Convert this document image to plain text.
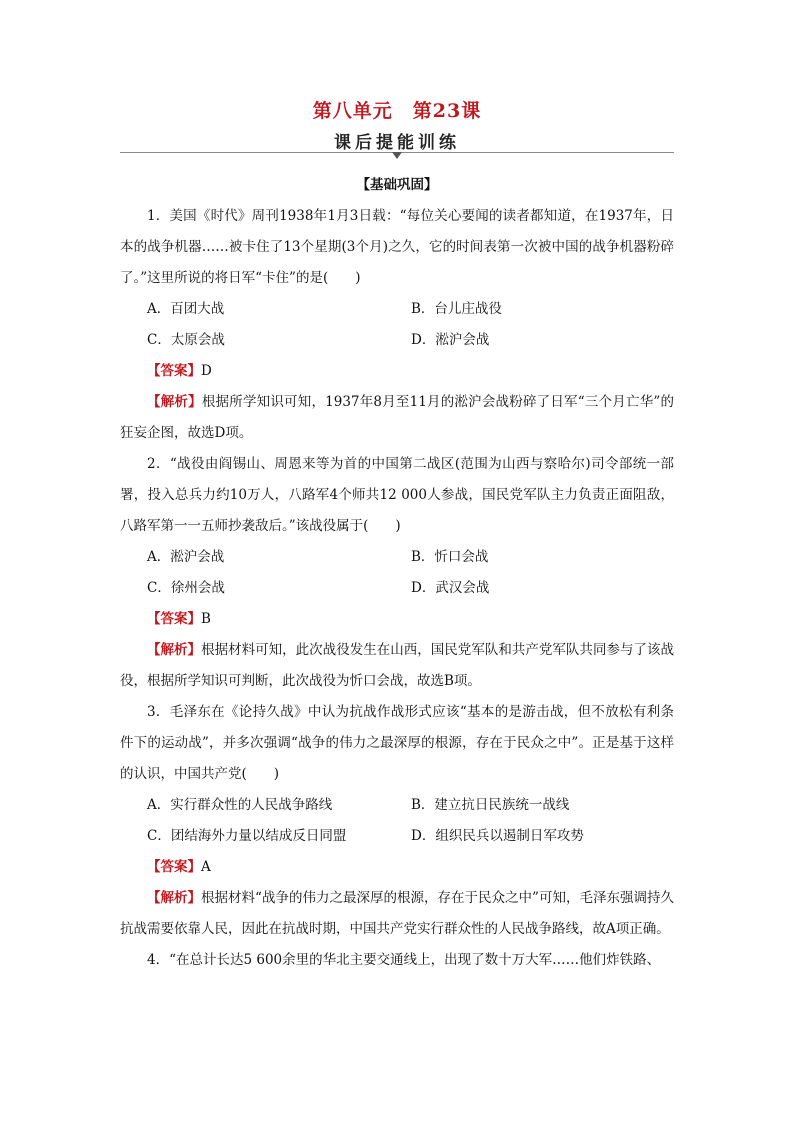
第八单元　第23课
课后提能训练

【基础巩固】

1．美国《时代》周刊1938年1月3日载：“每位关心要闻的读者都知道，在1937年，日本的战争机器……被卡住了13个星期(3个月)之久，它的时间表第一次被中国的战争机器粉碎了。”这里所说的将日军“卡住”的是(　　)

A．百团大战	B．台儿庄战役
C．太原会战	D．淞沪会战

【答案】D

【解析】根据所学知识可知，1937年8月至11月的淞沪会战粉碎了日军“三个月亡华”的狂妄企图，故选D项。

2．“战役由阎锡山、周恩来等为首的中国第二战区(范围为山西与察哈尔)司令部统一部署，投入总兵力约10万人，八路军4个师共12 000人参战，国民党军队主力负责正面阻敌，八路军第一一五师抄袭敌后。”该战役属于(　　)

A．淞沪会战	B．忻口会战
C．徐州会战	D．武汉会战

【答案】B

【解析】根据材料可知，此次战役发生在山西，国民党军队和共产党军队共同参与了该战役，根据所学知识可判断，此次战役为忻口会战，故选B项。

3．毛泽东在《论持久战》中认为抗战作战形式应该“基本的是游击战，但不放松有利条件下的运动战”，并多次强调“战争的伟力之最深厚的根源，存在于民众之中”。正是基于这样的认识，中国共产党(　　)

A．实行群众性的人民战争路线	B．建立抗日民族统一战线
C．团结海外力量以结成反日同盟	D．组织民兵以遏制日军攻势

【答案】A

【解析】根据材料“战争的伟力之最深厚的根源，存在于民众之中”可知，毛泽东强调持久抗战需要依靠人民，因此在抗战时期，中国共产党实行群众性的人民战争路线，故A项正确。

4．“在总计长达5 600余里的华北主要交通线上，出现了数十万大军……他们炸铁路、
